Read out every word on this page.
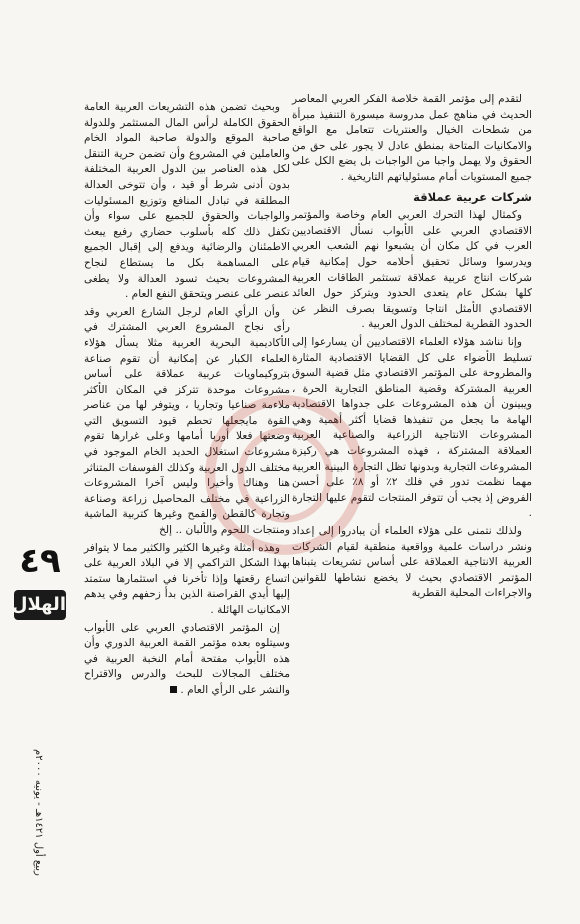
لتقدم إلى مؤتمر القمة خلاصة الفكر العربي المعاصر الحديث في مناهج عمل مدروسة ميسورة التنفيذ مبرأة من شطحات الخيال والعنتريات تتعامل مع الواقع والامكانيات المتاحة بمنطق عادل لا يجور على حق من الحقوق ولا يهمل واجبا من الواجبات بل يضع الكل على جميع المستويات أمام مسئولياتهم التاريخية .

شركات عربية عملاقة

وكمثال لهذا التحرك العربي العام وخاصة والمؤتمر الاقتصادي العربي على الأبواب نسأل الاقتصاديين العرب في كل مكان أن يشبعوا نهم الشعب العربي ويدرسوا وسائل تحقيق أحلامه حول إمكانية قيام شركات انتاج عربية عملاقة تستثمر الطاقات العربية كلها بشكل عام يتعدى الحدود ويتركز حول العائد الاقتصادي الأمثل انتاجا وتسويقا بصرف النظر عن الحدود القطرية لمختلف الدول العربية .

وإنا نناشد هؤلاء العلماء الاقتصاديين أن يسارعوا إلى تسليط الأضواء على كل القضايا الاقتصادية المثارة والمطروحة على المؤتمر الاقتصادي مثل قضية السوق العربية المشتركة وقضية المناطق التجارية الحرة ، ويبينون أن هذه المشروعات على جدواها الاقتصادية الهامة ما يجعل من تنفيذها قضايا أكثر أهمية وهي المشروعات الانتاجية الزراعية والصناعية العربية العملاقة المشتركة ، فهذه المشروعات هي ركيزة المشروعات التجارية وبدونها تظل التجارة البينية العربية مهما نظمت تدور في فلك ٢٪ أو ٨٪ على أحسن الفروض إذ يجب أن تتوفر المنتجات لتقوم عليها التجارة .

ولذلك نتمنى على هؤلاء العلماء أن يبادروا إلى إعداد ونشر دراسات علمية وواقعية منطقية لقيام الشركات العربية الانتاجية العملاقة على أساس تشريعات يتبناها المؤتمر الاقتصادي بحيث لا يخضع نشاطها للقوانين والاجراءات المحلية القطرية

وبحيث تضمن هذه التشريعات العربية العامة الحقوق الكاملة لرأس المال المستثمر وللدولة صاحبة الموقع والدولة صاحبة المواد الخام والعاملين في المشروع وأن تضمن حرية التنقل لكل هذه العناصر بين الدول العربية المختلفة بدون أدنى شرط أو قيد ، وأن تتوخى العدالة المطلقة في تبادل المنافع وتوزيع المسئوليات والواجبات والحقوق للجميع على سواء وأن تكفل ذلك كله بأسلوب حضاري رفيع يبعث الاطمئنان والرضائية ويدفع إلى إقبال الجميع على المساهمة بكل ما يستطاع لنجاح المشروعات بحيث تسود العدالة ولا يطغى عنصر على عنصر ويتحقق النفع العام .

وأن الرأي العام لرجل الشارع العربي وقد رأى نجاح المشروع العربي المشترك في الأكاديمية البحرية العربية مثلا يسأل هؤلاء العلماء الكبار عن إمكانية أن تقوم صناعة بتروكيماويات عربية عملاقة على أساس مشروعات موحدة تتركز في المكان الأكثر ملاءمة صناعيا وتجاريا ، ويتوفر لها من عناصر القوة مايجعلها تحطم قيود التسويق التي وضعتها فعلا أوربا أمامها وعلى غرارها تقوم مشروعات استغلال الحديد الخام الموجود في مختلف الدول العربية وكذلك الفوسفات المتناثر هنا وهناك وأخيرا وليس آخرا المشروعات الزراعية في مختلف المحاصيل زراعة وصناعة وتجارة كالقطن والقمح وغيرها كتربية الماشية ومنتجات اللحوم والألبان .. إلخ

وهذه أمثلة وغيرها الكثير والكثير مما لا يتوافر بهذا الشكل التراكمي إلا في البلاد العربية على اتساع رقعتها وإذا تأخرنا في استثمارها ستمتد إليها أيدي القراصنة الذين بدأ زحفهم وفي يدهم الامكانيات الهائلة .

إن المؤتمر الاقتصادي العربي على الأبواب وسيتلوه بعده مؤتمر القمة العربية الدوري وأن هذه الأبواب مفتحة أمام النخبة العربية في مختلف المجالات للبحث والدرس والاقتراح والنشر على الرأي العام .

٤٩
الهلال
ربيع أول ١٤٢١هـ - يونيه ٢٠٠٠م
